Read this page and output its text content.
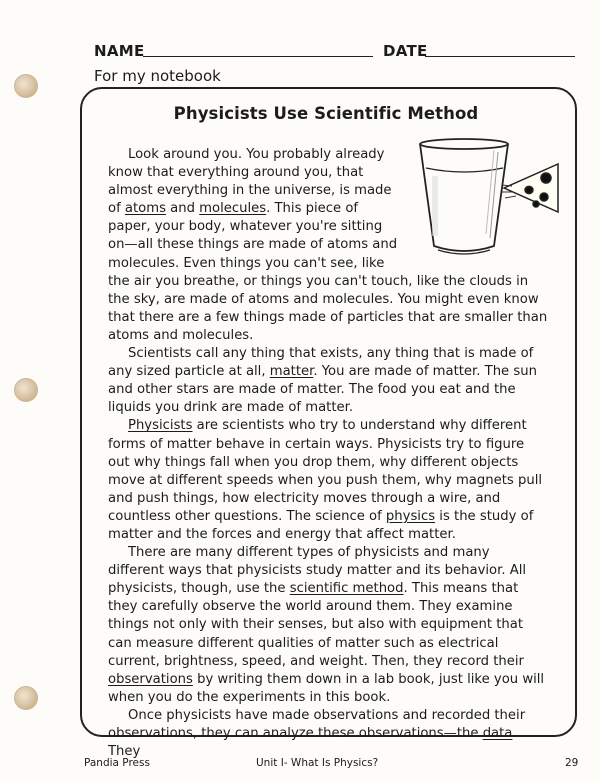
NAME	DATE
For my notebook
Physicists Use Scientific Method

Look around you. You probably already know that everything around you, that almost everything in the universe, is made of atoms and molecules. This piece of paper, your body, whatever you're sitting on—all these things are made of atoms and molecules. Even things you can't see, like the air you breathe, or things you can't touch, like the clouds in the sky, are made of atoms and molecules. You might even know that there are a few things made of particles that are smaller than atoms and molecules.

Scientists call any thing that exists, any thing that is made of any sized particle at all, matter. You are made of matter. The sun and other stars are made of matter. The food you eat and the liquids you drink are made of matter.

Physicists are scientists who try to understand why different forms of matter behave in certain ways. Physicists try to figure out why things fall when you drop them, why different objects move at different speeds when you push them, why magnets pull and push things, how electricity moves through a wire, and countless other questions. The science of physics is the study of matter and the forces and energy that affect matter.

There are many different types of physicists and many different ways that physicists study matter and its behavior. All physicists, though, use the scientific method. This means that they carefully observe the world around them. They examine things not only with their senses, but also with equipment that can measure different qualities of matter such as electrical current, brightness, speed, and weight. Then, they record their observations by writing them down in a lab book, just like you will when you do the experiments in this book.

Once physicists have made observations and recorded their observations, they can analyze these observations—the data. They

Pandia Press	Unit I- What Is Physics?	29
